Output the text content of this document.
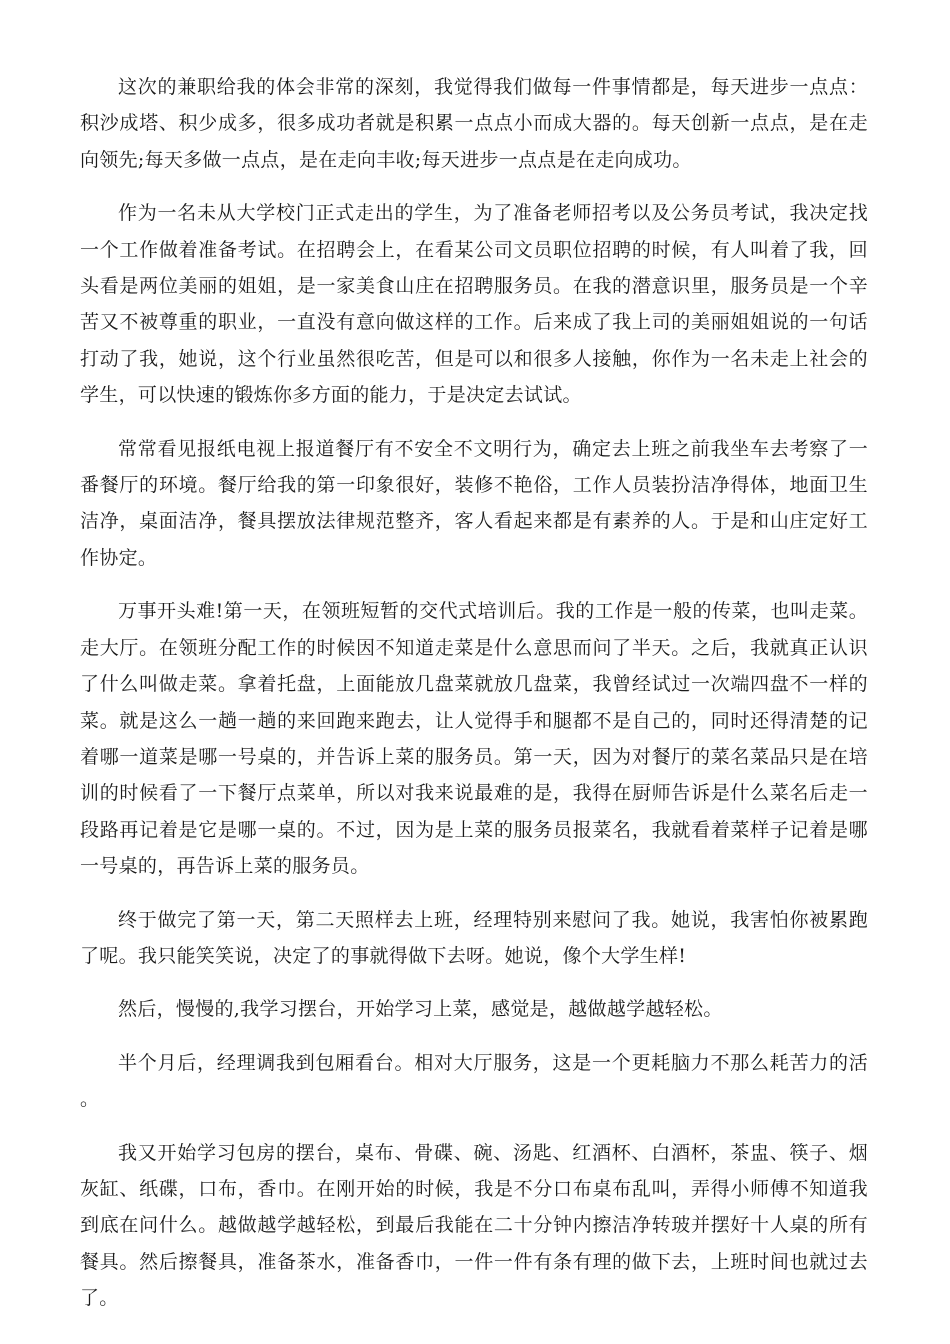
这次的兼职给我的体会非常的深刻，我觉得我们做每一件事情都是，每天进步一点点：积沙成塔、积少成多，很多成功者就是积累一点点小而成大器的。每天创新一点点，是在走向领先;每天多做一点点，是在走向丰收;每天进步一点点是在走向成功。

作为一名未从大学校门正式走出的学生，为了准备老师招考以及公务员考试，我决定找一个工作做着准备考试。在招聘会上，在看某公司文员职位招聘的时候，有人叫着了我，回头看是两位美丽的姐姐，是一家美食山庄在招聘服务员。在我的潜意识里，服务员是一个辛苦又不被尊重的职业，一直没有意向做这样的工作。后来成了我上司的美丽姐姐说的一句话打动了我，她说，这个行业虽然很吃苦，但是可以和很多人接触，你作为一名未走上社会的学生，可以快速的锻炼你多方面的能力，于是决定去试试。

常常看见报纸电视上报道餐厅有不安全不文明行为，确定去上班之前我坐车去考察了一番餐厅的环境。餐厅给我的第一印象很好，装修不艳俗，工作人员装扮洁净得体，地面卫生洁净，桌面洁净，餐具摆放法律规范整齐，客人看起来都是有素养的人。于是和山庄定好工作协定。

万事开头难!第一天，在领班短暂的交代式培训后。我的工作是一般的传菜，也叫走菜。走大厅。在领班分配工作的时候因不知道走菜是什么意思而问了半天。之后，我就真正认识了什么叫做走菜。拿着托盘，上面能放几盘菜就放几盘菜，我曾经试过一次端四盘不一样的菜。就是这么一趟一趟的来回跑来跑去，让人觉得手和腿都不是自己的，同时还得清楚的记着哪一道菜是哪一号桌的，并告诉上菜的服务员。第一天，因为对餐厅的菜名菜品只是在培训的时候看了一下餐厅点菜单，所以对我来说最难的是，我得在厨师告诉是什么菜名后走一段路再记着是它是哪一桌的。不过，因为是上菜的服务员报菜名，我就看着菜样子记着是哪一号桌的，再告诉上菜的服务员。

终于做完了第一天，第二天照样去上班，经理特别来慰问了我。她说，我害怕你被累跑了呢。我只能笑笑说，决定了的事就得做下去呀。她说，像个大学生样!

然后，慢慢的,我学习摆台，开始学习上菜，感觉是，越做越学越轻松。

半个月后，经理调我到包厢看台。相对大厅服务，这是一个更耗脑力不那么耗苦力的活。

我又开始学习包房的摆台，桌布、骨碟、碗、汤匙、红酒杯、白酒杯，茶盅、筷子、烟灰缸、纸碟，口布，香巾。在刚开始的时候，我是不分口布桌布乱叫，弄得小师傅不知道我到底在问什么。越做越学越轻松，到最后我能在二十分钟内擦洁净转玻并摆好十人桌的所有餐具。然后擦餐具，准备茶水，准备香巾，一件一件有条有理的做下去，上班时间也就过去了。
